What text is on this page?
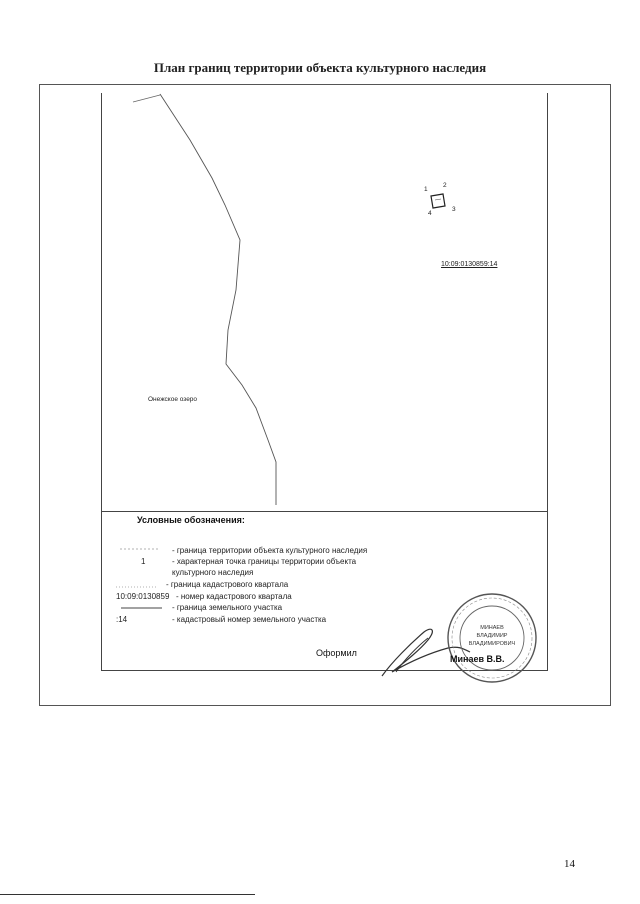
План границ территории объекта культурного наследия
МИНАЕВ
ВЛАДИМИР
ВЛАДИМИРОВИЧ
Онежское озеро
10:09:0130859:14
1
2
3
4
Условные обозначения:
- граница территории объекта культурного наследия
1	- характерная точка границы территории объекта
культурного наследия
- граница кадастрового квартала
10:09:0130859 - номер кадастрового квартала
- граница земельного участка
:14	- кадастровый номер земельного участка
Оформил
Минаев В.В.
14
